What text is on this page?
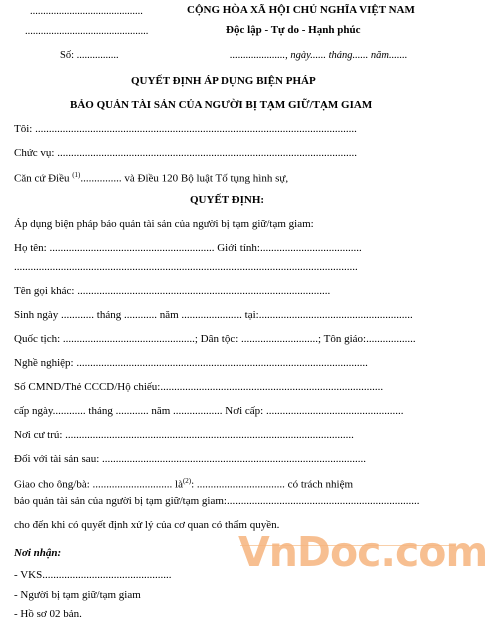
...........................................
...............................................
CỘNG HÒA XÃ HỘI CHỦ NGHĨA VIỆT NAM
Độc lập - Tự do - Hạnh phúc
Số: ................	....................., ngày...... tháng...... năm.......
QUYẾT ĐỊNH ÁP DỤNG BIỆN PHÁP
BẢO QUẢN TÀI SẢN CỦA NGƯỜI BỊ TẠM GIỮ/TẠM GIAM
Tôi: .....................................................................................................................
Chức vụ: .............................................................................................................
Căn cứ Điều $^{(1)}$............... và Điều 120 Bộ luật Tố tụng hình sự,
QUYẾT ĐỊNH:
Áp dụng biện pháp bảo quản tài sản của người bị tạm giữ/tạm giam:
Họ tên: ............................................................ Giới tính:.....................................
.............................................................................................................................
Tên gọi khác: ............................................................................................
Sinh ngày ............ tháng ............ năm ...................... tại:........................................................
Quốc tịch: ................................................; Dân tộc: ............................; Tôn giáo:..................
Nghề nghiệp: ..........................................................................................................
Số CMND/Thẻ CCCD/Hộ chiếu:.................................................................................
cấp ngày............ tháng ............ năm .................. Nơi cấp: ..................................................
Nơi cư trú: .........................................................................................................
Đối với tài sản sau: ................................................................................................
Giao cho ông/bà: ............................. $là^{(2)}$: ................................ có trách nhiệm
bảo quản tài sản của người bị tạm giữ/tạm giam:......................................................................
cho đến khi có quyết định xử lý của cơ quan có thẩm quyền.
Nơi nhận:
- VKS...............................................
- Người bị tạm giữ/tạm giam
- Hồ sơ 02 bản.
VnDoc.com
